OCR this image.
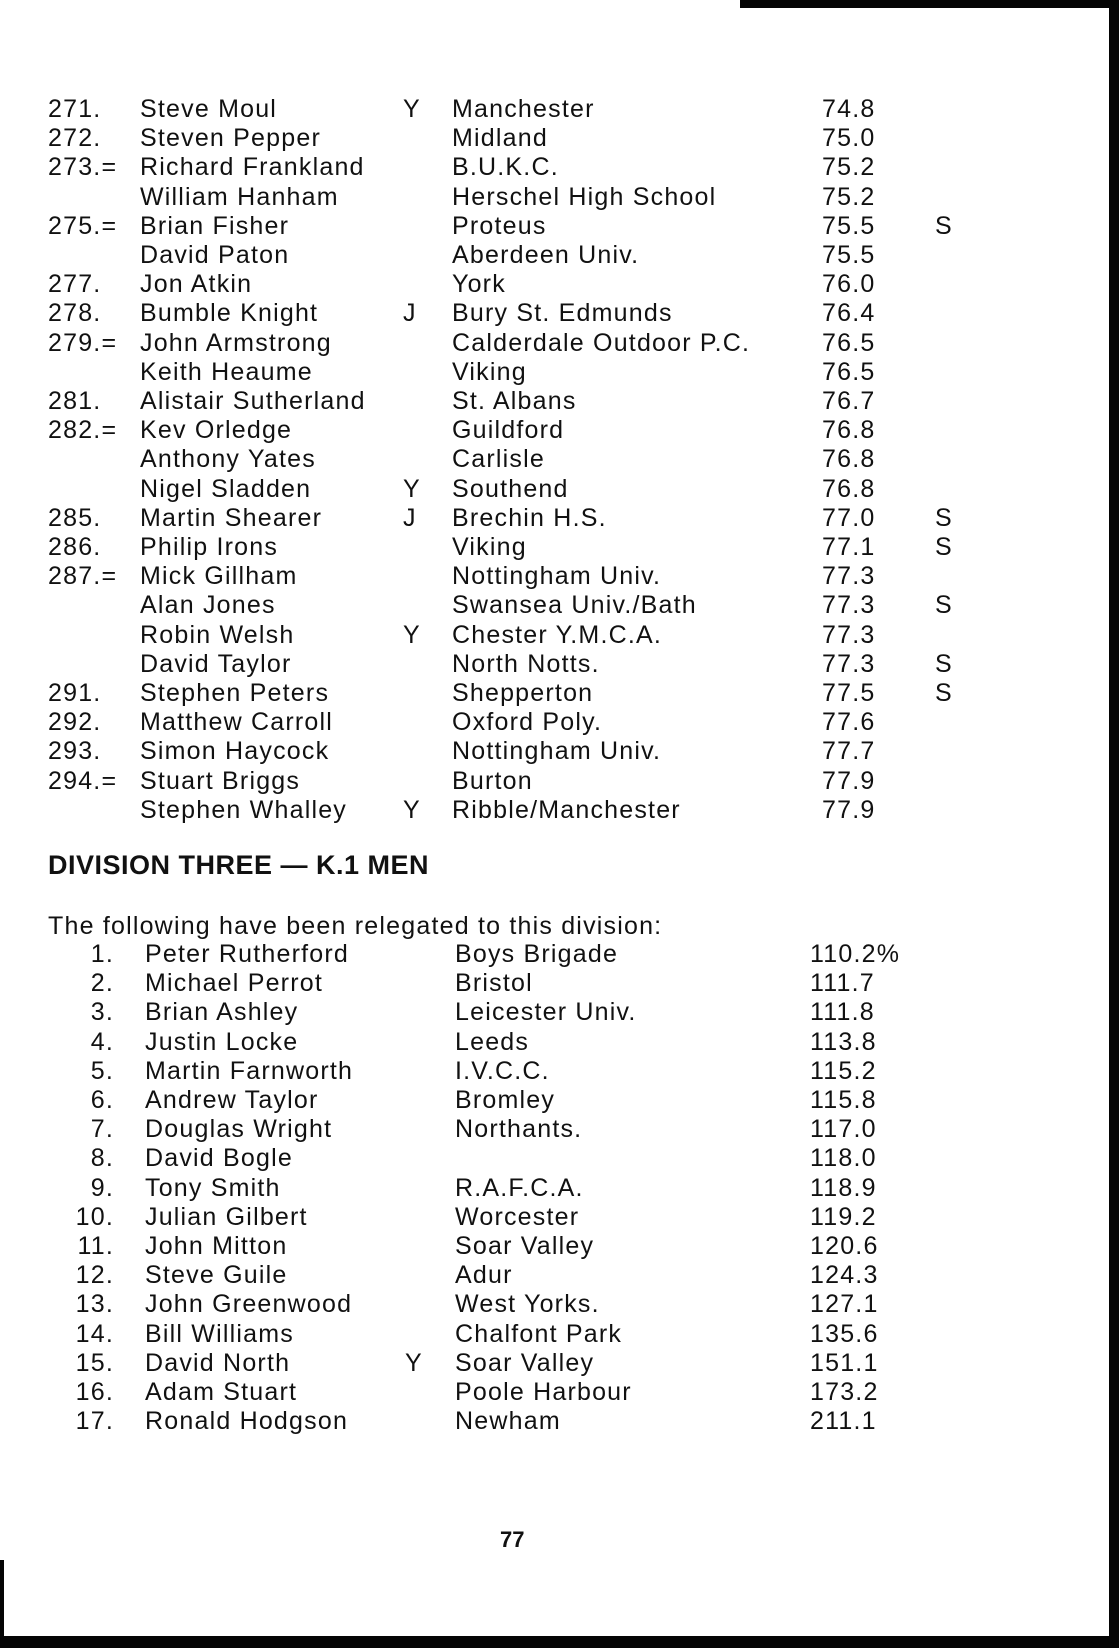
271. Steve Moul	Y Manchester	74.8
272. Steven Pepper	Midland	75.0
273.= Richard Frankland	B.U.K.C.	75.2
William Hanham	Herschel High School	75.2
275.= Brian Fisher	Proteus	75.5 S
David Paton	Aberdeen Univ.	75.5
277. Jon Atkin	York	76.0
278. Bumble Knight	J Bury St. Edmunds	76.4
279.= John Armstrong	Calderdale Outdoor P.C.	76.5
Keith Heaume	Viking	76.5
281. Alistair Sutherland	St. Albans	76.7
282.= Kev Orledge	Guildford	76.8
Anthony Yates	Carlisle	76.8
Nigel Sladden	Y Southend	76.8
285. Martin Shearer	J Brechin H.S.	77.0 S
286. Philip Irons	Viking	77.1 S
287.= Mick Gillham	Nottingham Univ.	77.3
Alan Jones	Swansea Univ./Bath	77.3 S
Robin Welsh	Y Chester Y.M.C.A.	77.3
David Taylor	North Notts.	77.3 S
291. Stephen Peters	Shepperton	77.5 S
292. Matthew Carroll	Oxford Poly.	77.6
293. Simon Haycock	Nottingham Univ.	77.7
294.= Stuart Briggs	Burton	77.9
Stephen Whalley Y Ribble/Manchester	77.9
DIVISION THREE — K.1 MEN
The following have been relegated to this division:
1. Peter Rutherford	Boys Brigade	110.2%
2. Michael Perrot	Bristol	111.7
3. Brian Ashley	Leicester Univ.	111.8
4. Justin Locke	Leeds	113.8
5. Martin Farnworth	I.V.C.C.	115.2
6. Andrew Taylor	Bromley	115.8
7. Douglas Wright	Northants.	117.0
8. David Bogle	118.0
9. Tony Smith	R.A.F.C.A.	118.9
10. Julian Gilbert	Worcester	119.2
11. John Mitton	Soar Valley	120.6
12. Steve Guile	Adur	124.3
13. John Greenwood	West Yorks.	127.1
14. Bill Williams	Chalfont Park	135.6
15. David North	Y Soar Valley	151.1
16. Adam Stuart	Poole Harbour	173.2
17. Ronald Hodgson	Newham	211.1
77
